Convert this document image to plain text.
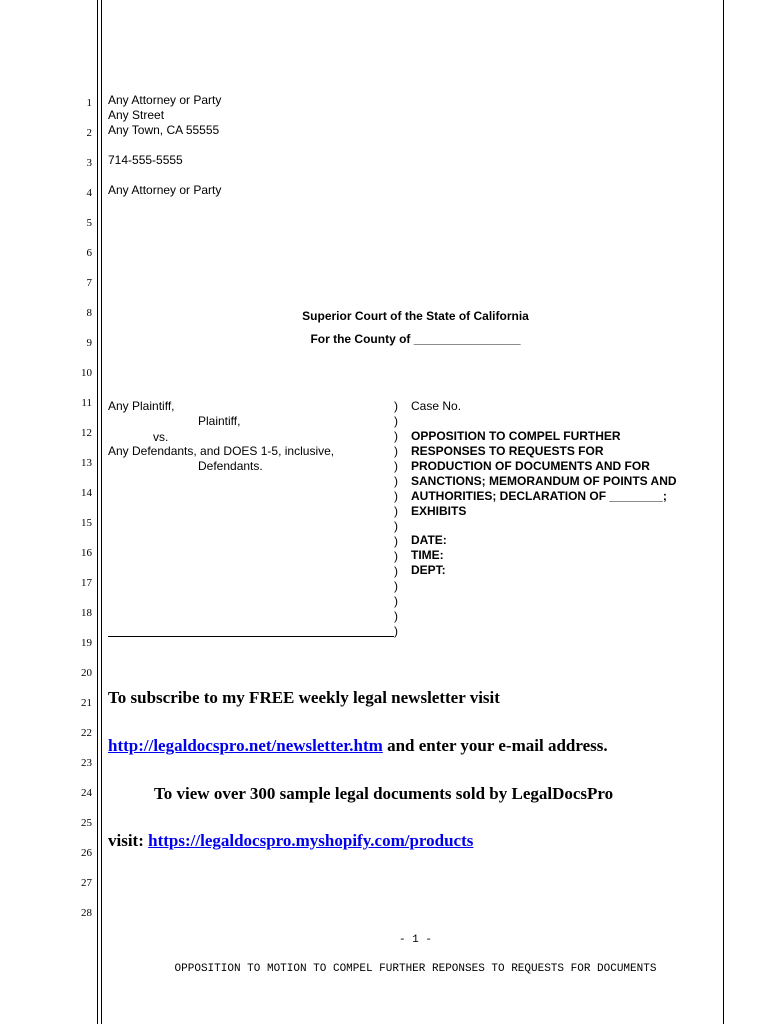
1
2
3
4
5
6
7
8
9
10
11
12
13
14
15
16
17
18
19
20
21
22
23
24
25
26
27
28
Any Attorney or Party
Any Street
Any Town, CA 55555
714-555-5555
Any Attorney or Party
Superior Court of the State of California
For the County of ________________
Any Plaintiff,
Plaintiff,
vs.
Any Defendants, and DOES 1-5, inclusive,
Defendants.
)
)
)
)
)
)
)
)
)
)
)
)
)
)
)
)
Case No.
OPPOSITION TO COMPEL FURTHER
RESPONSES TO REQUESTS FOR
PRODUCTION OF DOCUMENTS AND FOR
SANCTIONS; MEMORANDUM OF POINTS AND
AUTHORITIES; DECLARATION OF ________;
EXHIBITS
DATE:
TIME:
DEPT:
To subscribe to my FREE weekly legal newsletter visit
http://legaldocspro.net/newsletter.htm and enter your e-mail address.
To view over 300 sample legal documents sold by LegalDocsPro
visit: https://legaldocspro.myshopify.com/products
- 1 -
OPPOSITION TO MOTION TO COMPEL FURTHER REPONSES TO REQUESTS FOR DOCUMENTS
